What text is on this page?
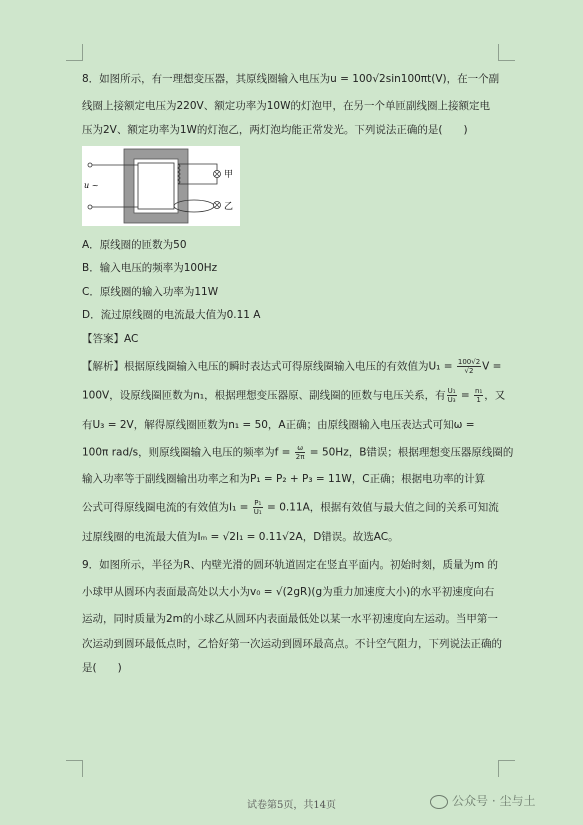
8．如图所示，有一理想变压器，其原线圈输入电压为u = 100√2sin100πt(V)，在一个副
线圈上接额定电压为220V、额定功率为10W的灯泡甲，在另一个单匝副线圈上接额定电
压为2V、额定功率为1W的灯泡乙，两灯泡均能正常发光。下列说法正确的是(　　)
u ~
甲
乙
A．原线圈的匝数为50
B．输入电压的频率为100Hz
C．原线圈的输入功率为11W
D．流过原线圈的电流最大值为0.11 A
【答案】AC
【解析】根据原线圈输入电压的瞬时表达式可得原线圈输入电压的有效值为$U_1 = \frac{100√2}{√2}$ V =
100V，设原线圈匝数为n₁，根据理想变压器原、副线圈的匝数与电压关系，有 $\frac{\text{U₁}}{\text{U₃}} = \frac{\text{n₁}}{1}$ ，又
有U₃ = 2V，解得原线圈匝数为n₁ = 50，A正确；由原线圈输入电压表达式可知ω =
100π rad/s，则原线圈输入电压的频率为$f = \frac{\omega}{2\pi} = 50Hz$，B错误；根据理想变压器原线圈的
输入功率等于副线圈输出功率之和为P₁ = P₂ + P₃ = 11W，C正确；根据电功率的计算
公式可得原线圈电流的有效值为$I_1 = \frac{\text{P₁}}{\text{U₁}} = 0.11A$，根据有效值与最大值之间的关系可知流
过原线圈的电流最大值为Iₘ = √2I₁ = 0.11√2A，D错误。故选AC。
9．如图所示，半径为R、内壁光滑的圆环轨道固定在竖直平面内。初始时刻，质量为m 的
小球甲从圆环内表面最高处以大小为v₀ = √(2gR)(g为重力加速度大小)的水平初速度向右
运动，同时质量为2m的小球乙从圆环内表面最低处以某一水平初速度向左运动。当甲第一
次运动到圆环最低点时，乙恰好第一次运动到圆环最高点。不计空气阻力，下列说法正确的
是(　　)
试卷第5页，共14页	公众号 · 尘与土
